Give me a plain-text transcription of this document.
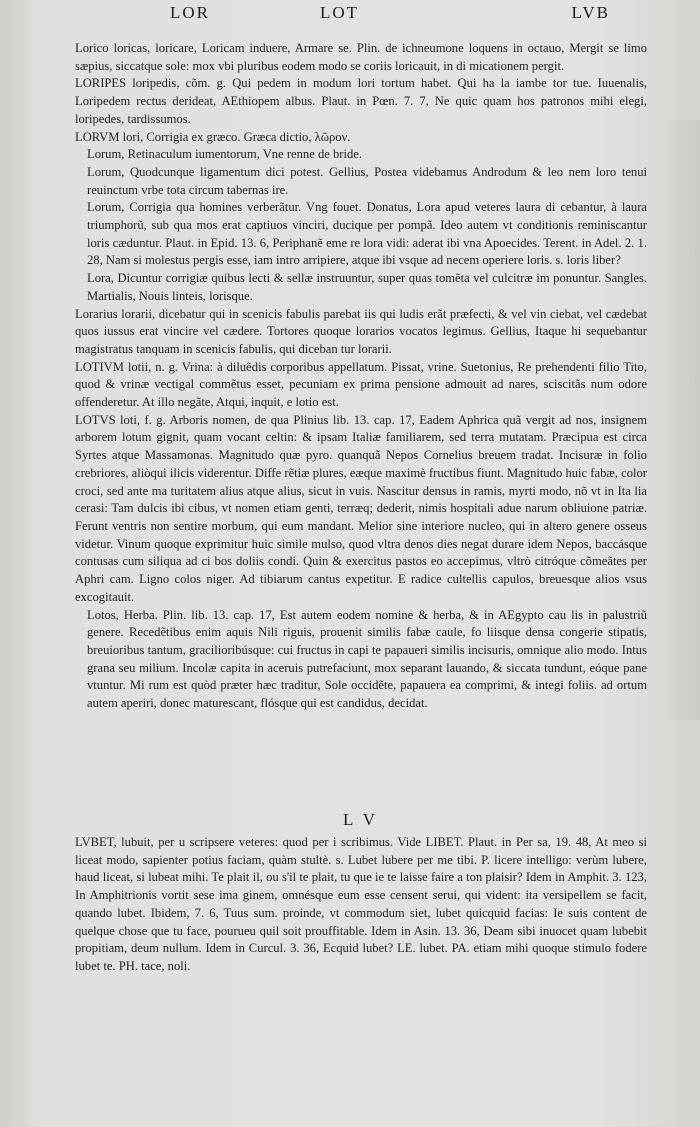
LOR	LOT	LVB

Lorico loricas, loricare, Loricam induere, Armare se. Plin. de ichneumone loquens in octauo, Mergit se limo sæpius, siccatque sole: mox vbi pluribus eodem modo se coriis loricauit, in di micationem pergit.

LORIPES loripedis, cõm. g. Qui pedem in modum lori tortum habet. Qui ha la iambe tor tue. Iuuenalis, Loripedem rectus derideat, AEthiopem albus. Plaut. in Pœn. 7. 7, Ne quic quam hos patronos mihi elegi, loripedes, tardissumos.

LORVM lori, Corrigia ex græco. Græca dictio, λῶρον.

Lorum, Retinaculum iumentorum, Vne renne de bride.

Lorum, Quodcunque ligamentum dici potest. Gellius, Postea videbamus Androdum & leo nem loro tenui reuinctum vrbe tota circum tabernas ire.

Lorum, Corrigia qua homines verberãtur. Vng fouet. Donatus, Lora apud veteres laura di cebantur, à laura triumphorũ, sub qua mos erat captiuos vinciri, ducique per pompã. Ideo autem vt conditionis reminiscantur loris cæduntur. Plaut. in Epid. 13. 6, Periphanẽ eme re lora vidi: aderat ibi vna Apoecides. Terent. in Adel. 2. 1. 28, Nam si molestus pergis esse, iam intro arripiere, atque ibi vsque ad necem operiere loris. s. loris liber?

Lora, Dicuntur corrigiæ quibus lecti & sellæ instruuntur, super quas tomẽta vel culcitræ im ponuntur. Sangles. Martialis, Nouis linteis, lorisque.

Lorarius lorarii, dicebatur qui in scenicis fabulis parebat iis qui ludis erãt præfecti, & vel vin ciebat, vel cædebat quos iussus erat vincire vel cædere. Tortores quoque lorarios vocatos legimus. Gellius, Itaque hi sequebantur magistratus tanquam in scenicis fabulis, qui diceban tur lorarii.

LOTIVM lotii, n. g. Vrina: à diluẽdis corporibus appellatum. Pissat, vrine. Suetonius, Re prehendenti filio Tito, quod & vrinæ vectigal commẽtus esset, pecuniam ex prima pensione admouit ad nares, sciscitãs num odore offenderetur. At illo negãte, Atqui, inquit, e lotio est.

LOTVS loti, f. g. Arboris nomen, de qua Plinius lib. 13. cap. 17, Eadem Aphrica quã vergit ad nos, insignem arborem lotum gignit, quam vocant celtin: & ipsam Italiæ familiarem, sed terra mutatam. Præcipua est circa Syrtes atque Massamonas. Magnitudo quæ pyro. quanquã Nepos Cornelius breuem tradat. Incisuræ in folio crebriores, aliòqui ilicis viderentur. Diffe rẽtiæ plures, eæque maximè fructibus fiunt. Magnitudo huic fabæ, color croci, sed ante ma turitatem alius atque alius, sicut in vuis. Nascitur densus in ramis, myrti modo, nõ vt in Ita lia cerasi: Tam dulcis ibi cibus, vt nomen etiam genti, terræq; dederit, nimis hospitali adue narum obliuione patriæ. Ferunt ventris non sentire morbum, qui eum mandant. Melior sine interiore nucleo, qui in altero genere osseus videtur. Vinum quoque exprimitur huic simile mulso, quod vltra denos dies negat durare idem Nepos, baccásque contusas cum siliqua ad ci bos doliis condi. Quin & exercitus pastos eo accepimus, vltrò citróque cõmeãtes per Aphri cam. Ligno colos niger. Ad tibiarum cantus expetitur. E radice cultellis capulos, breuesque alios vsus excogitauit.

Lotos, Herba. Plin. lib. 13. cap. 17, Est autem eodem nomine & herba, & in AEgypto cau lis in palustriũ genere. Recedẽtibus enim aquis Nili riguis, prouenit similis fabæ caule, fo liisque densa congerie stipatis, breuioribus tantum, gracilioribúsque: cui fructus in capi te papaueri similis incisuris, omnique alio modo. Intus grana seu milium. Incolæ capita in aceruis putrefaciunt, mox separant lauando, & siccata tundunt, eóque pane vtuntur. Mi rum est quòd præter hæc traditur, Sole occidẽte, papauera ea comprimi, & integi foliis. ad ortum autem aperiri, donec maturescant, flósque qui est candidus, decidat.

L V

LVBET, lubuit, per u scripsere veteres: quod per i scribimus. Vide LIBET. Plaut. in Per sa, 19. 48, At meo si liceat modo, sapienter potius faciam, quàm stultè. s. Lubet lubere per me tibi. P. licere intelligo: verùm lubere, haud liceat, si lubeat mihi. Te plait il, ou s'il te plait, tu que ie te laisse faire a ton plaisir? Idem in Amphit. 3. 123, In Amphitrionis vortit sese ima ginem, omnésque eum esse censent serui, qui vident: ita versipellem se facit, quando lubet. Ibidem, 7. 6, Tuus sum. proinde, vt commodum siet, lubet quicquid facias: Ie suis content de quelque chose que tu face, pourueu quil soit prouffitable. Idem in Asin. 13. 36, Deam sibi inuocet quam lubebit propitiam, deum nullum. Idem in Curcul. 3. 36, Ecquid lubet? LE. lubet. PA. etiam mihi quoque stimulo fodere lubet te. PH. tace, noli.
